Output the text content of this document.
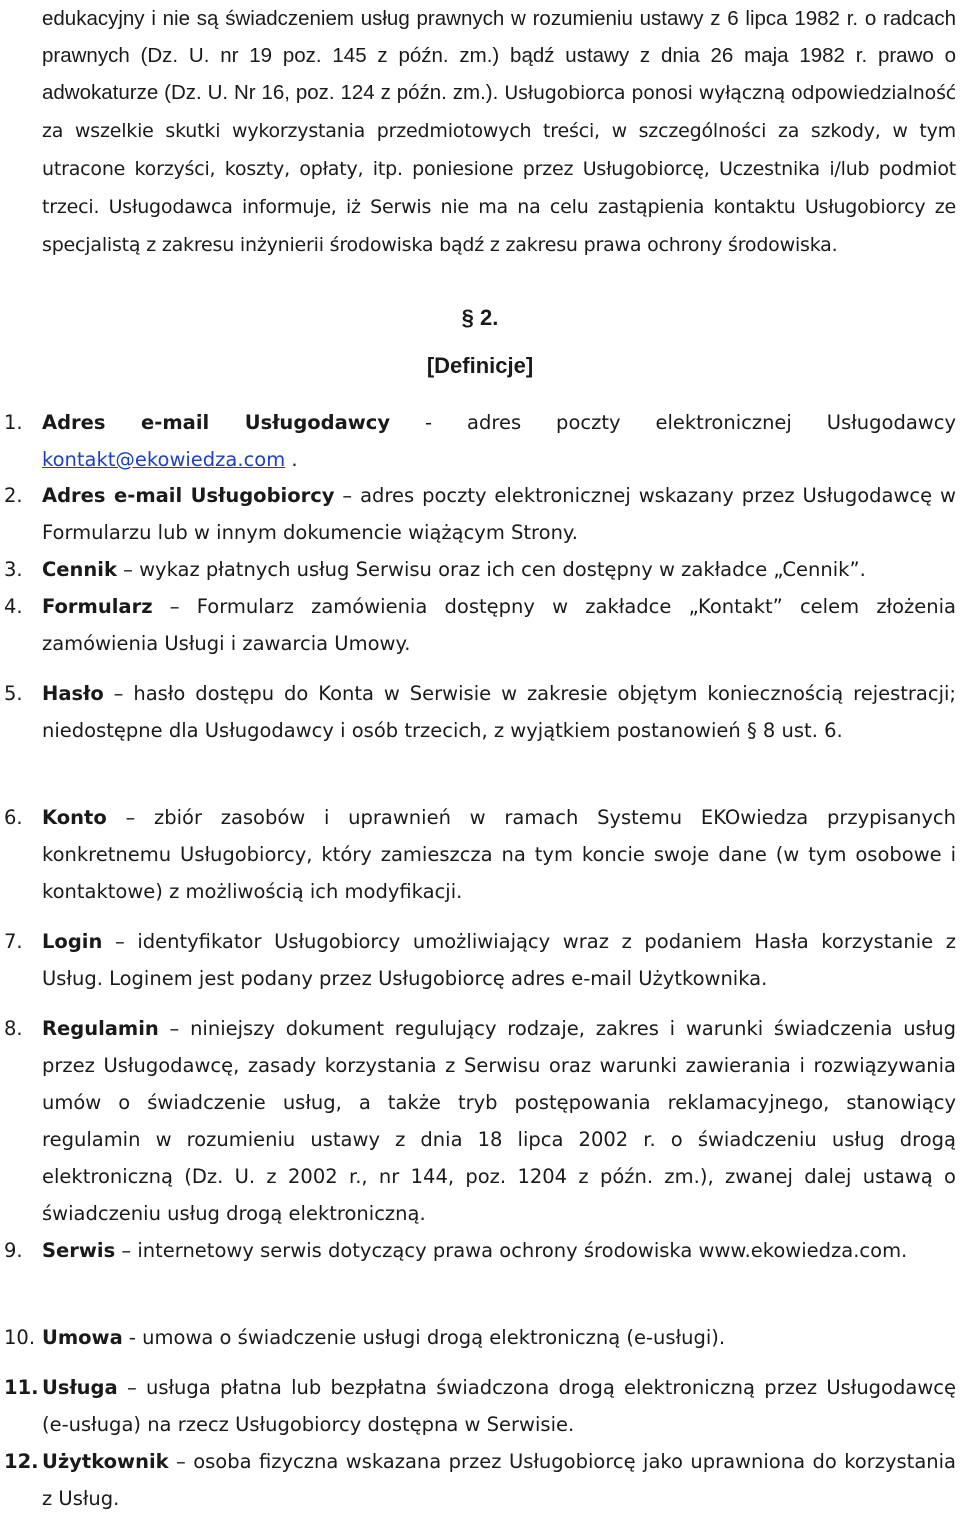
edukacyjny i nie są świadczeniem usług prawnych w rozumieniu ustawy z 6 lipca 1982 r. o radcach prawnych (Dz. U. nr 19 poz. 145 z późn. zm.) bądź ustawy z dnia 26 maja 1982 r. prawo o adwokaturze (Dz. U. Nr 16, poz. 124 z późn. zm.). Usługobiorca ponosi wyłączną odpowiedzialność za wszelkie skutki wykorzystania przedmiotowych treści, w szczególności za szkody, w tym utracone korzyści, koszty, opłaty, itp. poniesione przez Usługobiorcę, Uczestnika i/lub podmiot trzeci. Usługodawca informuje, iż Serwis nie ma na celu zastąpienia kontaktu Usługobiorcy ze specjalistą z zakresu inżynierii środowiska bądź z zakresu prawa ochrony środowiska.

§ 2.

[Definicje]

1. Adres e-mail Usługodawcy - adres poczty elektronicznej Usługodawcy kontakt@ekowiedza.com .
2. Adres e-mail Usługobiorcy – adres poczty elektronicznej wskazany przez Usługodawcę w Formularzu lub w innym dokumencie wiążącym Strony.
3. Cennik – wykaz płatnych usług Serwisu oraz ich cen dostępny w zakładce „Cennik”.
4. Formularz – Formularz zamówienia dostępny w zakładce „Kontakt” celem złożenia zamówienia Usługi i zawarcia Umowy.
5. Hasło – hasło dostępu do Konta w Serwisie w zakresie objętym koniecznością rejestracji; niedostępne dla Usługodawcy i osób trzecich, z wyjątkiem postanowień § 8 ust. 6.
6. Konto – zbiór zasobów i uprawnień w ramach Systemu EKOwiedza przypisanych konkretnemu Usługobiorcy, który zamieszcza na tym koncie swoje dane (w tym osobowe i kontaktowe) z możliwością ich modyfikacji.
7. Login – identyfikator Usługobiorcy umożliwiający wraz z podaniem Hasła korzystanie z Usług. Loginem jest podany przez Usługobiorcę adres e-mail Użytkownika.
8. Regulamin – niniejszy dokument regulujący rodzaje, zakres i warunki świadczenia usług przez Usługodawcę, zasady korzystania z Serwisu oraz warunki zawierania i rozwiązywania umów o świadczenie usług, a także tryb postępowania reklamacyjnego, stanowiący regulamin w rozumieniu ustawy z dnia 18 lipca 2002 r. o świadczeniu usług drogą elektroniczną (Dz. U. z 2002 r., nr 144, poz. 1204 z późn. zm.), zwanej dalej ustawą o świadczeniu usług drogą elektroniczną.
9. Serwis – internetowy serwis dotyczący prawa ochrony środowiska www.ekowiedza.com.
10. Umowa - umowa o świadczenie usługi drogą elektroniczną (e-usługi).
11. Usługa – usługa płatna lub bezpłatna świadczona drogą elektroniczną przez Usługodawcę (e-usługa) na rzecz Usługobiorcy dostępna w Serwisie.
12. Użytkownik – osoba fizyczna wskazana przez Usługobiorcę jako uprawniona do korzystania z Usług.
